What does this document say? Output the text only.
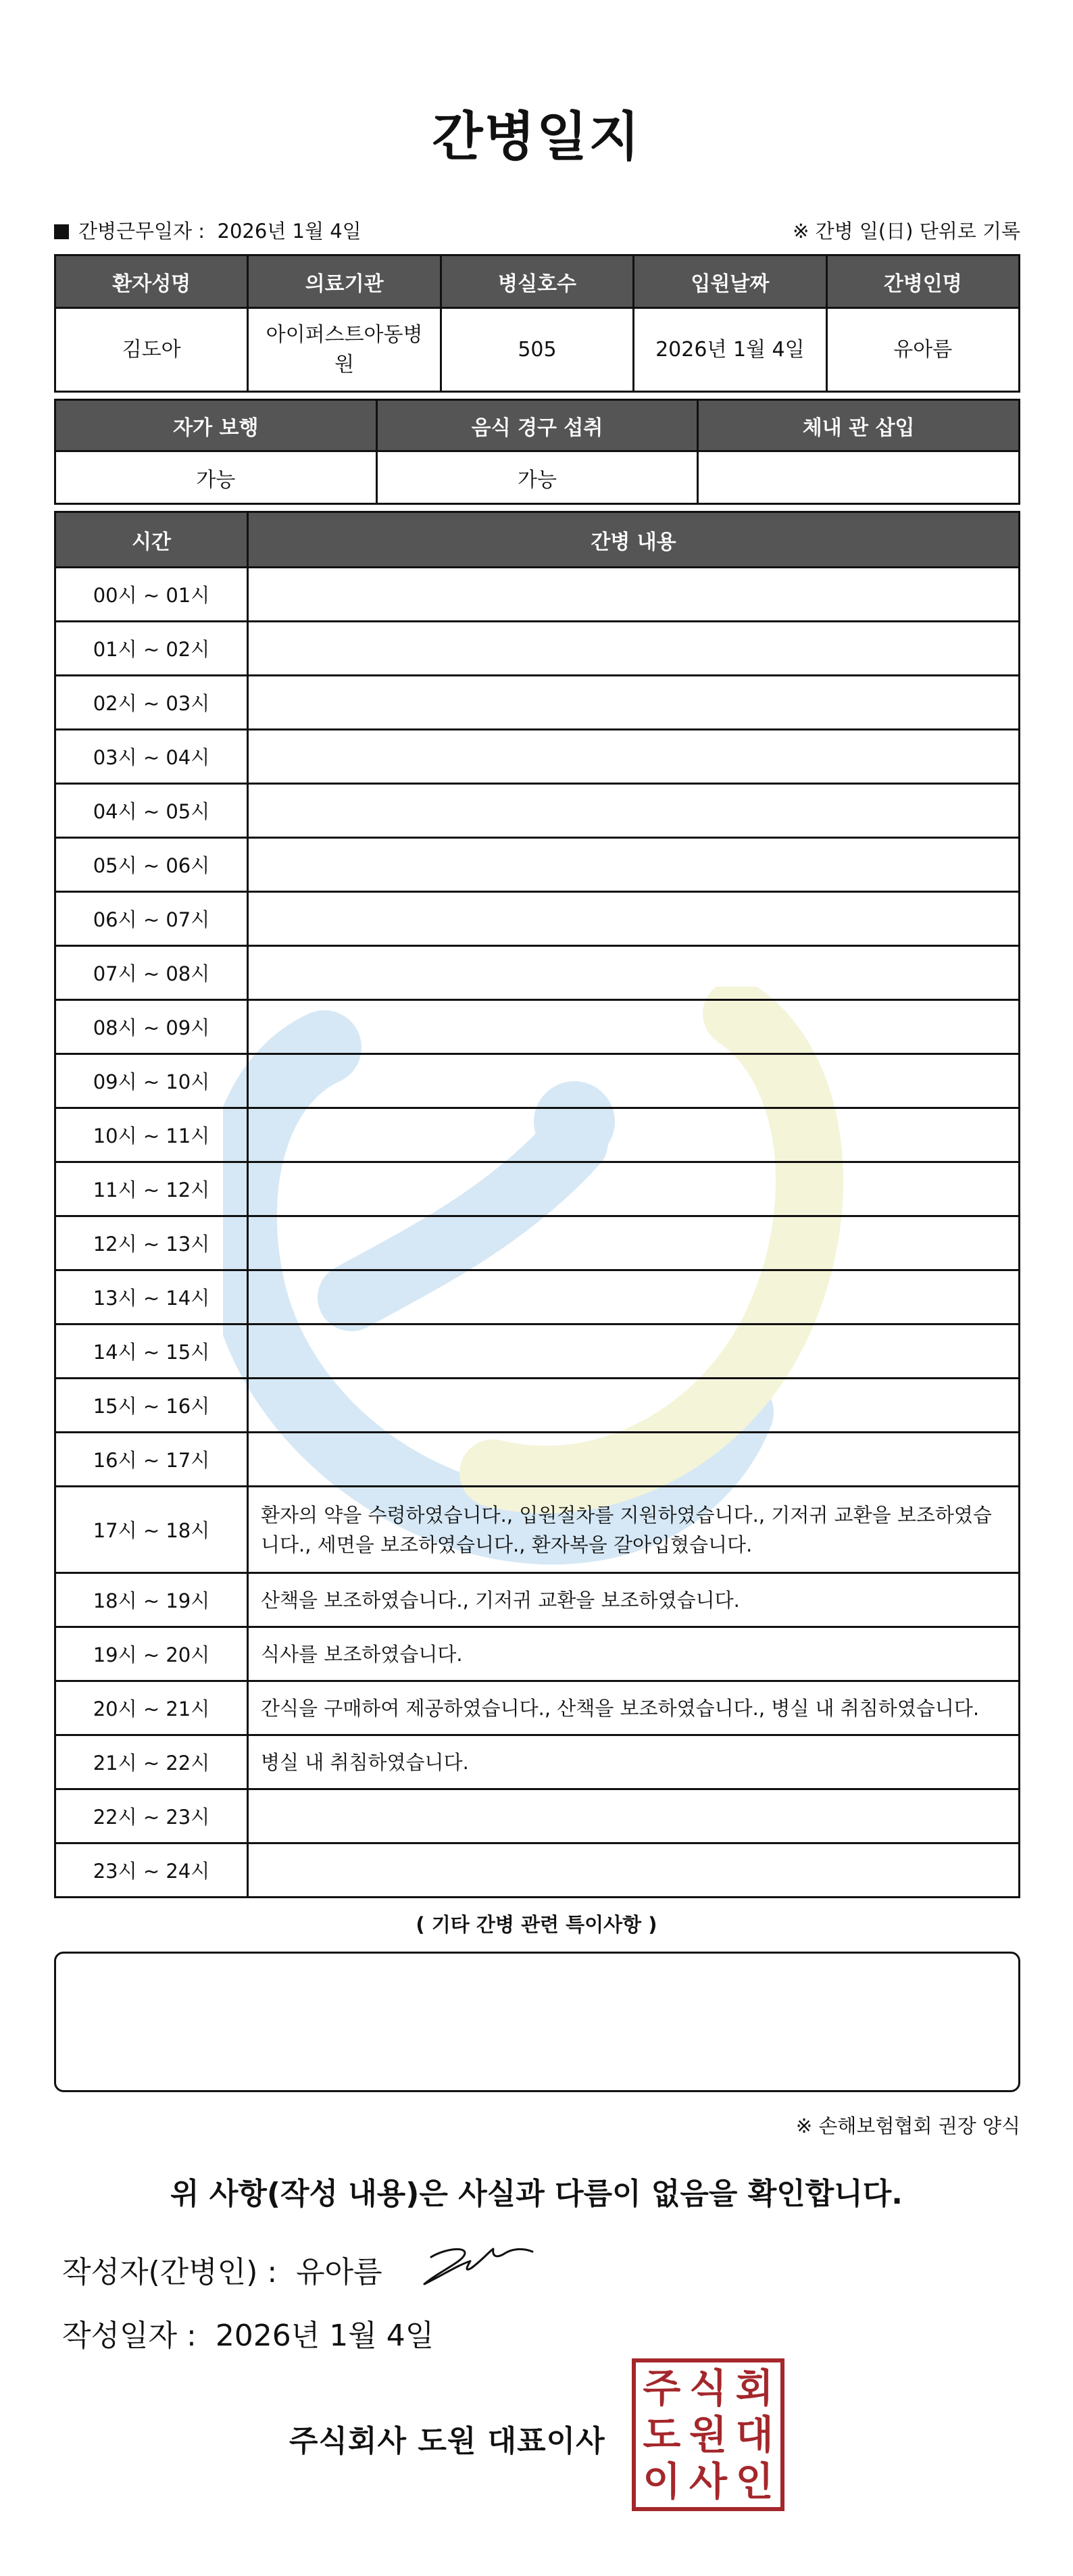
간병일지
간병근무일자 : 2026년 1월 4일	※ 간병 일(日) 단위로 기록
환자성명	의료기관	병실호수	입원날짜	간병인명
김도아	아이퍼스트아동병원	505	2026년 1월 4일	유아름
자가 보행	음식 경구 섭취	체내 관 삽입
가능	가능	
시간	간병 내용
00시 ~ 01시	
01시 ~ 02시	
02시 ~ 03시	
03시 ~ 04시	
04시 ~ 05시	
05시 ~ 06시	
06시 ~ 07시	
07시 ~ 08시	
08시 ~ 09시	
09시 ~ 10시	
10시 ~ 11시	
11시 ~ 12시	
12시 ~ 13시	
13시 ~ 14시	
14시 ~ 15시	
15시 ~ 16시	
16시 ~ 17시	
17시 ~ 18시	환자의 약을 수령하였습니다., 입원절차를 지원하였습니다., 기저귀 교환을 보조하였습니다., 세면을 보조하였습니다., 환자복을 갈아입혔습니다.
18시 ~ 19시	산책을 보조하였습니다., 기저귀 교환을 보조하였습니다.
19시 ~ 20시	식사를 보조하였습니다.
20시 ~ 21시	간식을 구매하여 제공하였습니다., 산책을 보조하였습니다., 병실 내 취침하였습니다.
21시 ~ 22시	병실 내 취침하였습니다.
22시 ~ 23시	
23시 ~ 24시	
( 기타 간병 관련 특이사항 )
※ 손해보험협회 권장 양식
위 사항(작성 내용)은 사실과 다름이 없음을 확인합니다.
작성자(간병인) : 유아름
작성일자 : 2026년 1월 4일
주식회사 도원 대표이사
주 식 회
도 원 대
이 사 인
